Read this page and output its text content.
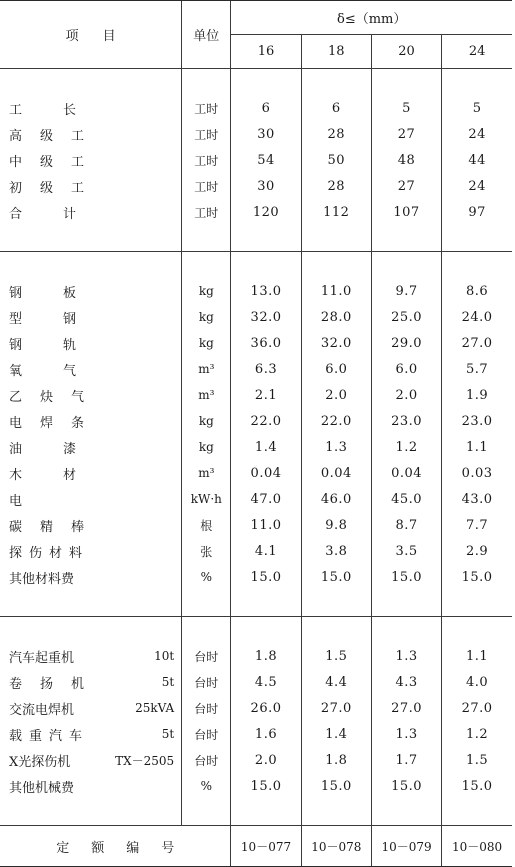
项目	单位	δ≤（mm）			
		16	18	20	24

工长	工时	6	6	5	5

高级工	工时	30	28	27	24

中级工	工时	54	50	48	44

初级工	工时	30	28	27	24

合计	工时	120	112	107	97

钢板	kg	13.0	11.0	9.7	8.6

型钢	kg	32.0	28.0	25.0	24.0

钢轨	kg	36.0	32.0	29.0	27.0

氧气	m³	6.3	6.0	6.0	5.7

乙炔气	m³	2.1	2.0	2.0	1.9

电焊条	kg	22.0	22.0	23.0	23.0

油漆	kg	1.4	1.3	1.2	1.1

木材	m³	0.04	0.04	0.04	0.03

电	kW·h	47.0	46.0	45.0	43.0

碳精棒	根	11.0	9.8	8.7	7.7

探伤材料	张	4.1	3.8	3.5	2.9

其他材料费	%	15.0	15.0	15.0	15.0

汽车起重机 10t	台时	1.8	1.5	1.3	1.1

卷扬机 5t	台时	4.5	4.4	4.3	4.0

交流电焊机 25kVA	台时	26.0	27.0	27.0	27.0

载重汽车 5t	台时	1.6	1.4	1.3	1.2

X光探伤机 TX－2505	台时	2.0	1.8	1.7	1.5

其他机械费	%	15.0	15.0	15.0	15.0

定额编号		10－077	10－078	10－079	10－080
